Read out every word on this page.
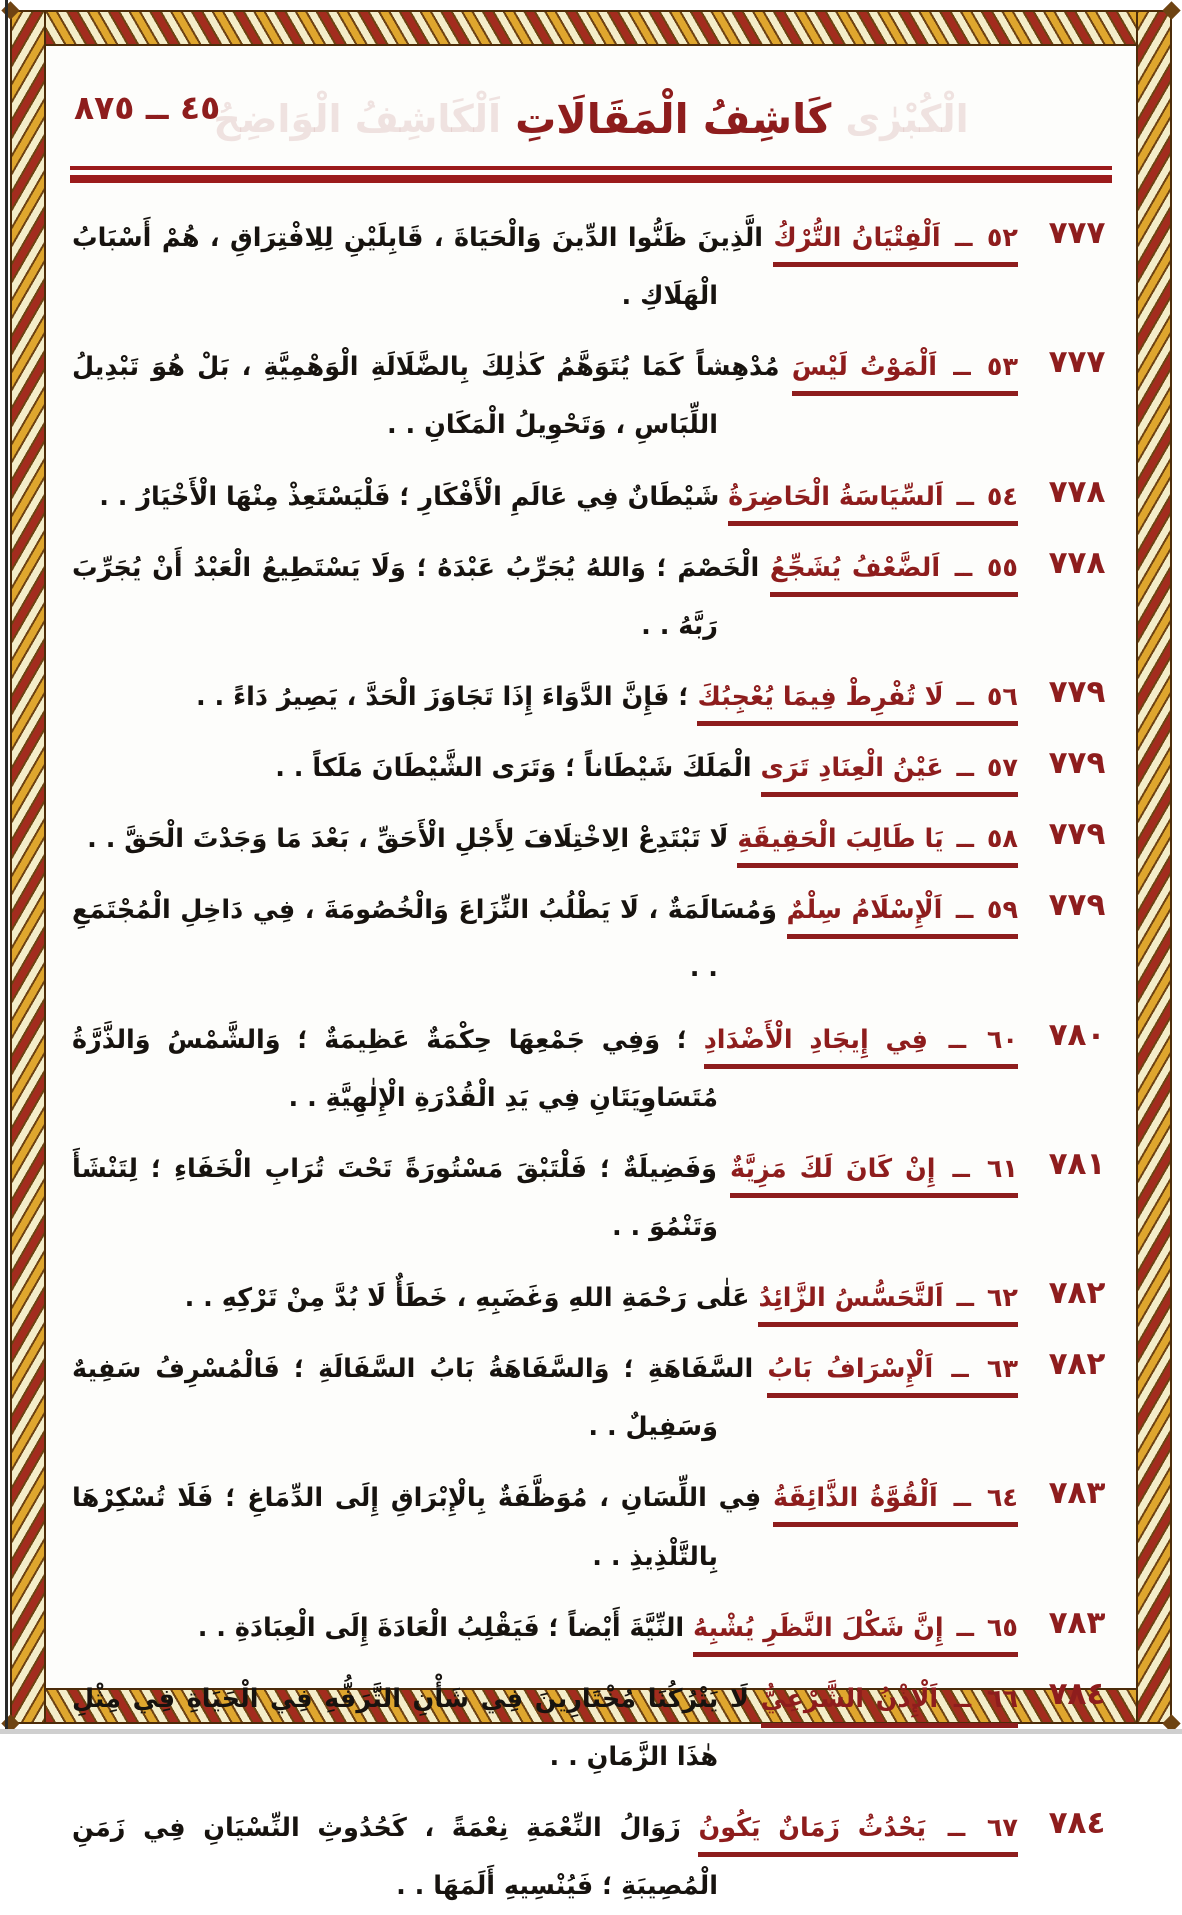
٤٥ ــ ٨٧٥
اَلْكَاشِفُ الْوَاضِحُ كَاشِفُ الْمَقَالَاتِ الْكُبْرٰى
٧٧٧

٥٢ ــ اَلْفِتْيَانُ التُّرْكُ الَّذِينَ ظَنُّوا الدِّينَ وَالْحَيَاةَ ، قَابِلَيْنِ لِلِافْتِرَاقِ ، هُمْ أَسْبَابُ الْهَلَاكِ .

٧٧٧

٥٣ ــ اَلْمَوْتُ لَيْسَ مُدْهِشاً كَمَا يُتَوَهَّمُ كَذٰلِكَ بِالضَّلَالَةِ الْوَهْمِيَّةِ ، بَلْ هُوَ تَبْدِيلُ اللِّبَاسِ ، وَتَحْوِيلُ الْمَكَانِ . .

٧٧٨

٥٤ ــ اَلسِّيَاسَةُ الْحَاضِرَةُ شَيْطَانٌ فِي عَالَمِ الْأَفْكَارِ ؛ فَلْيَسْتَعِذْ مِنْهَا الْأَخْيَارُ . .

٧٧٨

٥٥ ــ اَلضَّعْفُ يُشَجِّعُ الْخَصْمَ ؛ وَاللهُ يُجَرِّبُ عَبْدَهُ ؛ وَلَا يَسْتَطِيعُ الْعَبْدُ أَنْ يُجَرِّبَ رَبَّهُ . .

٧٧٩

٥٦ ــ لَا تُفْرِطْ فِيمَا يُعْجِبُكَ ؛ فَإِنَّ الدَّوَاءَ إِذَا تَجَاوَزَ الْحَدَّ ، يَصِيرُ دَاءً . .

٧٧٩

٥٧ ــ عَيْنُ الْعِنَادِ تَرَى الْمَلَكَ شَيْطَاناً ؛ وَتَرَى الشَّيْطَانَ مَلَكاً . .

٧٧٩

٥٨ ــ يَا طَالِبَ الْحَقِيقَةِ لَا تَبْتَدِعْ الِاخْتِلَافَ لِأَجْلِ الْأَحَقِّ ، بَعْدَ مَا وَجَدْتَ الْحَقَّ . .

٧٧٩

٥٩ ــ اَلْإِسْلَامُ سِلْمٌ وَمُسَالَمَةٌ ، لَا يَطْلُبُ النِّزَاعَ وَالْخُصُومَةَ ، فِي دَاخِلِ الْمُجْتَمَعِ . .

٧٨٠

٦٠ ــ فِي إِيجَادِ الْأَضْدَادِ ؛ وَفِي جَمْعِهَا حِكْمَةٌ عَظِيمَةٌ ؛ وَالشَّمْسُ وَالذَّرَّةُ مُتَسَاوِيَتَانِ فِي يَدِ الْقُدْرَةِ الْإِلٰهِيَّةِ . .

٧٨١

٦١ ــ إِنْ كَانَ لَكَ مَزِيَّةٌ وَفَضِيلَةٌ ؛ فَلْتَبْقَ مَسْتُورَةً تَحْتَ تُرَابِ الْخَفَاءِ ؛ لِتَنْشَأَ وَتَنْمُوَ . .

٧٨٢

٦٢ ــ اَلتَّحَسُّسُ الزَّائِدُ عَلٰى رَحْمَةِ اللهِ وَغَضَبِهِ ، خَطَأٌ لَا بُدَّ مِنْ تَرْكِهِ . .

٧٨٢

٦٣ ــ اَلْإِسْرَافُ بَابُ السَّفَاهَةِ ؛ وَالسَّفَاهَةُ بَابُ السَّفَالَةِ ؛ فَالْمُسْرِفُ سَفِيهٌ وَسَفِيلٌ . .

٧٨٣

٦٤ ــ اَلْقُوَّةُ الذَّائِقَةُ فِي اللِّسَانِ ، مُوَظَّفَةٌ بِالْإِبْرَاقِ إِلَى الدِّمَاغِ ؛ فَلَا تُسْكِرْهَا بِالتَّلْذِيذِ . .

٧٨٣

٦٥ ــ إِنَّ شَكْلَ النَّظَرِ يُشْبِهُ النِّيَّةَ أَيْضاً ؛ فَيَقْلِبُ الْعَادَةَ إِلَى الْعِبَادَةِ . .

٧٨٤

٦٦ ــ اَلْإِذْنُ الشَّرْعِيُّ لَا يَتْرُكُنَا مُخْتَارِينَ فِي شَأْنِ التَّرَفُّهِ فِي الْحَيَاةِ فِي مِثْلِ هٰذَا الزَّمَانِ . .

٧٨٤

٦٧ ــ يَحْدُثُ زَمَانٌ يَكُونُ زَوَالُ النِّعْمَةِ نِعْمَةً ، كَحُدُوثِ النِّسْيَانِ فِي زَمَنِ الْمُصِيبَةِ ؛ فَيُنْسِيهِ أَلَمَهَا . .
